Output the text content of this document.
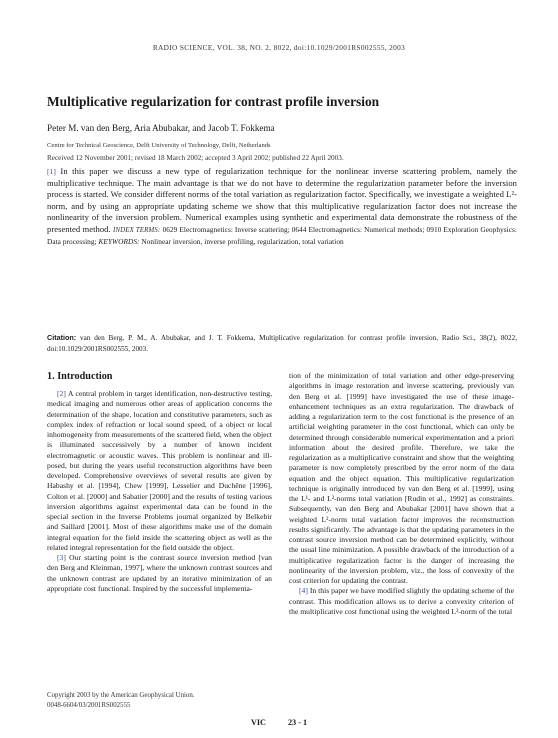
RADIO SCIENCE, VOL. 38, NO. 2, 8022, doi:10.1029/2001RS002555, 2003
Multiplicative regularization for contrast profile inversion
Peter M. van den Berg, Aria Abubakar, and Jacob T. Fokkema
Centre for Technical Geoscience, Delft University of Technology, Delft, Netherlands
Received 12 November 2001; revised 18 March 2002; accepted 3 April 2002; published 22 April 2003.
[1] In this paper we discuss a new type of regularization technique for the nonlinear inverse scattering problem, namely the multiplicative technique. The main advantage is that we do not have to determine the regularization parameter before the inversion process is started. We consider different norms of the total variation as regularization factor. Specifically, we investigate a weighted L²-norm, and by using an appropriate updating scheme we show that this multiplicative regularization factor does not increase the nonlinearity of the inversion problem. Numerical examples using synthetic and experimental data demonstrate the robustness of the presented method. INDEX TERMS: 0629 Electromagnetics: Inverse scattering; 0644 Electromagnetics: Numerical methods; 0910 Exploration Geophysics: Data processing; KEYWORDS: Nonlinear inversion, inverse profiling, regularization, total variation
Citation: van den Berg, P. M., A. Abubakar, and J. T. Fokkema, Multiplicative regularization for contrast profile inversion, Radio Sci., 38(2), 8022, doi:10.1029/2001RS002555, 2003.
1. Introduction

[2] A central problem in target identification, non-destructive testing, medical imaging and numerous other areas of application concerns the determination of the shape, location and constitutive parameters, such as complex index of refraction or local sound speed, of a object or local inhomogeneity from measurements of the scattered field, when the object is illuminated successively by a number of known incident electromagnetic or acoustic waves. This problem is nonlinear and ill-posed, but during the years useful reconstruction algorithms have been developed. Comprehensive overviews of several results are given by Habashy et al. [1994], Chew [1999], Lesselier and Duchêne [1996], Colton et al. [2000] and Sabatier [2000] and the results of testing various inversion algorithms against experimental data can be found in the special section in the Inverse Problems journal organized by Belkebir and Saillard [2001]. Most of these algorithms make use of the domain integral equation for the field inside the scattering object as well as the related integral representation for the field outside the object.

[3] Our starting point is the contrast source inversion method [van den Berg and Kleinman, 1997], where the unknown contrast sources and the unknown contrast are updated by an iterative minimization of an appropriate cost functional. Inspired by the successful implementa-

tion of the minimization of total variation and other edge-preserving algorithms in image restoration and inverse scattering, previously van den Berg et al. [1999] have investigated the use of these image-enhancement techniques as an extra regularization. The drawback of adding a regularization term to the cost functional is the presence of an artificial weighting parameter in the cost functional, which can only be determined through considerable numerical experimentation and a priori information about the desired profile. Therefore, we take the regularization as a multiplicative constraint and show that the weighting parameter is now completely prescribed by the error norm of the data equation and the object equation. This multiplicative regularization technique is originally introduced by van den Berg et al. [1999], using the L¹- and L²-norms total variation [Rudin et al., 1992] as constraints. Subsequently, van den Berg and Abubakar [2001] have shown that a weighted L²-norm total variation factor improves the reconstruction results significantly. The advantage is that the updating parameters in the contrast source inversion method can be determined explicitly, without the usual line minimization. A possible drawback of the introduction of a multiplicative regularization factor is the danger of increasing the nonlinearity of the inversion problem, viz., the loss of convexity of the cost criterion for updating the contrast.

[4] In this paper we have modified slightly the updating scheme of the contrast. This modification allows us to derive a convexity criterion of the multiplicative cost functional using the weighted L²-norm of the total

Copyright 2003 by the American Geophysical Union.
0048-6604/03/2001RS002555
VIC	23 - 1
